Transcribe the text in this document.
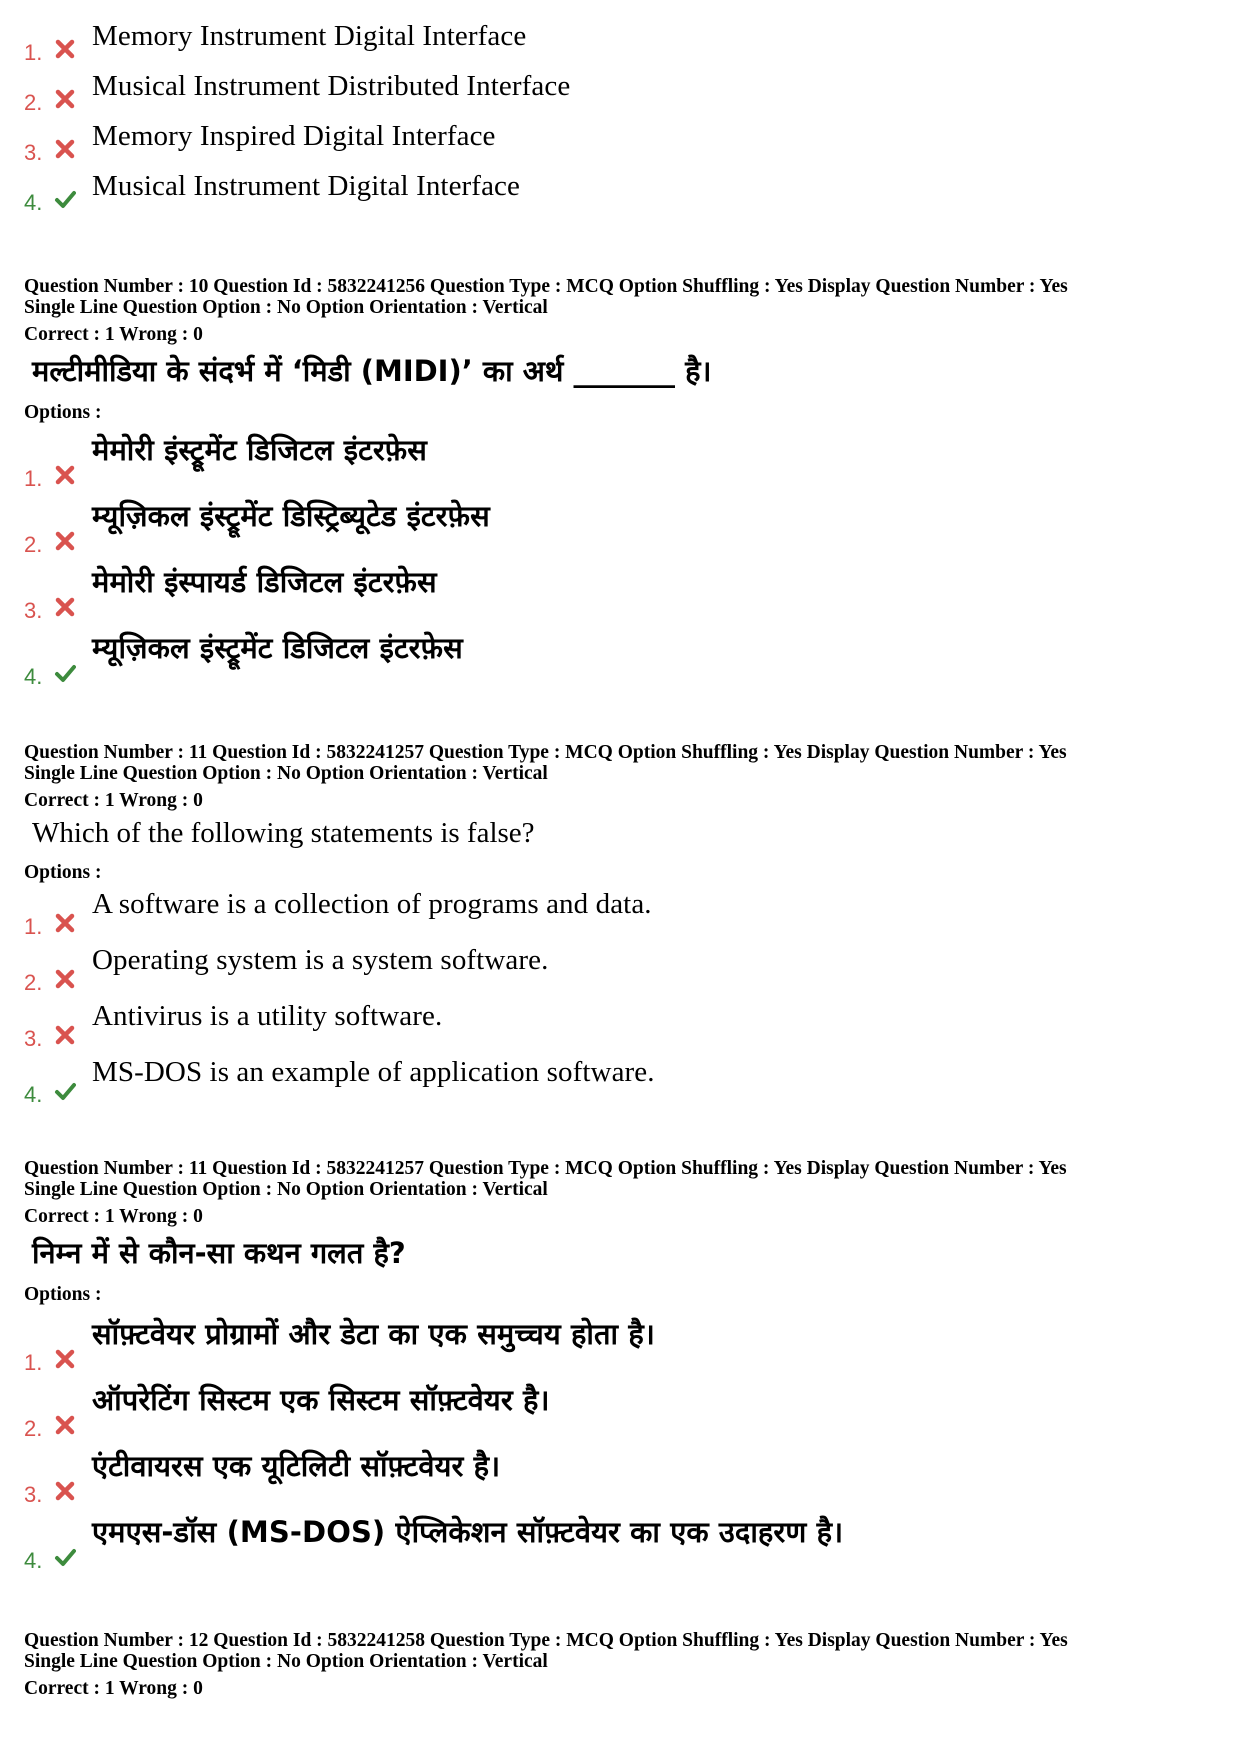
1.
Memory Instrument Digital Interface
2.
Musical Instrument Distributed Interface
3.
Memory Inspired Digital Interface
4.
Musical Instrument Digital Interface
Question Number : 10 Question Id : 5832241256 Question Type : MCQ Option Shuffling : Yes Display Question Number : Yes
Single Line Question Option : No Option Orientation : Vertical
Correct : 1 Wrong : 0
मल्टीमीडिया के संदर्भ में ‘मिडी (MIDI)’ का अर्थ _______ है।
Options :
1.
मेमोरी इंस्ट्रूमेंट डिजिटल इंटरफ़ेस
2.
म्यूज़िकल इंस्ट्रूमेंट डिस्ट्रिब्यूटेड इंटरफ़ेस
3.
मेमोरी इंस्पायर्ड डिजिटल इंटरफ़ेस
4.
म्यूज़िकल इंस्ट्रूमेंट डिजिटल इंटरफ़ेस
Question Number : 11 Question Id : 5832241257 Question Type : MCQ Option Shuffling : Yes Display Question Number : Yes
Single Line Question Option : No Option Orientation : Vertical
Correct : 1 Wrong : 0
Which of the following statements is false?
Options :
1.
A software is a collection of programs and data.
2.
Operating system is a system software.
3.
Antivirus is a utility software.
4.
MS-DOS is an example of application software.
Question Number : 11 Question Id : 5832241257 Question Type : MCQ Option Shuffling : Yes Display Question Number : Yes
Single Line Question Option : No Option Orientation : Vertical
Correct : 1 Wrong : 0
निम्न में से कौन-सा कथन गलत है?
Options :
1.
सॉफ़्टवेयर प्रोग्रामों और डेटा का एक समुच्चय होता है।
2.
ऑपरेटिंग सिस्टम एक सिस्टम सॉफ़्टवेयर है।
3.
एंटीवायरस एक यूटिलिटी सॉफ़्टवेयर है।
4.
एमएस-डॉस (MS-DOS) ऐप्लिकेशन सॉफ़्टवेयर का एक उदाहरण है।
Question Number : 12 Question Id : 5832241258 Question Type : MCQ Option Shuffling : Yes Display Question Number : Yes
Single Line Question Option : No Option Orientation : Vertical
Correct : 1 Wrong : 0
